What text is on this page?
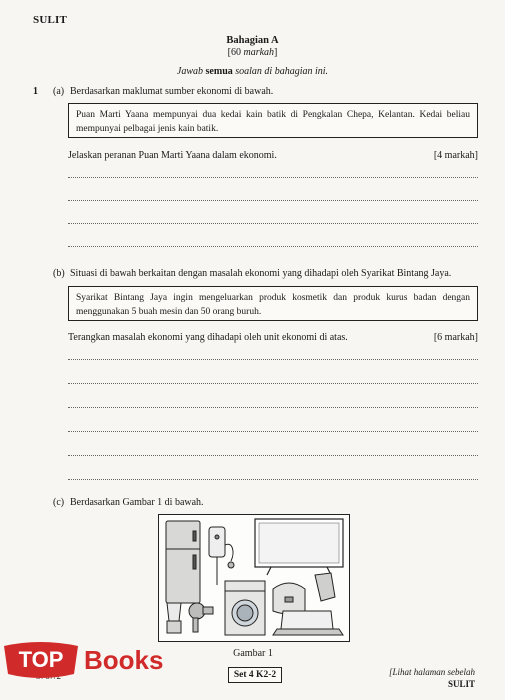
SULIT
Bahagian A
[60 markah]
Jawab semua soalan di bahagian ini.
1 (a) Berdasarkan maklumat sumber ekonomi di bawah.
Puan Marti Yaana mempunyai dua kedai kain batik di Pengkalan Chepa, Kelantan. Kedai beliau mempunyai pelbagai jenis kain batik.
Jelaskan peranan Puan Marti Yaana dalam ekonomi.	[4 markah]
(b) Situasi di bawah berkaitan dengan masalah ekonomi yang dihadapi oleh Syarikat Bintang Jaya.
Syarikat Bintang Jaya ingin mengeluarkan produk kosmetik dan produk kurus badan dengan menggunakan 5 buah mesin dan 50 orang buruh.
Terangkan masalah ekonomi yang dihadapi oleh unit ekonomi di atas.	[6 markah]
(c) Berdasarkan Gambar 1 di bawah.
Gambar 1
Set 4 K2-2	[Lihat halaman sebelah
SULIT
TOP Books
